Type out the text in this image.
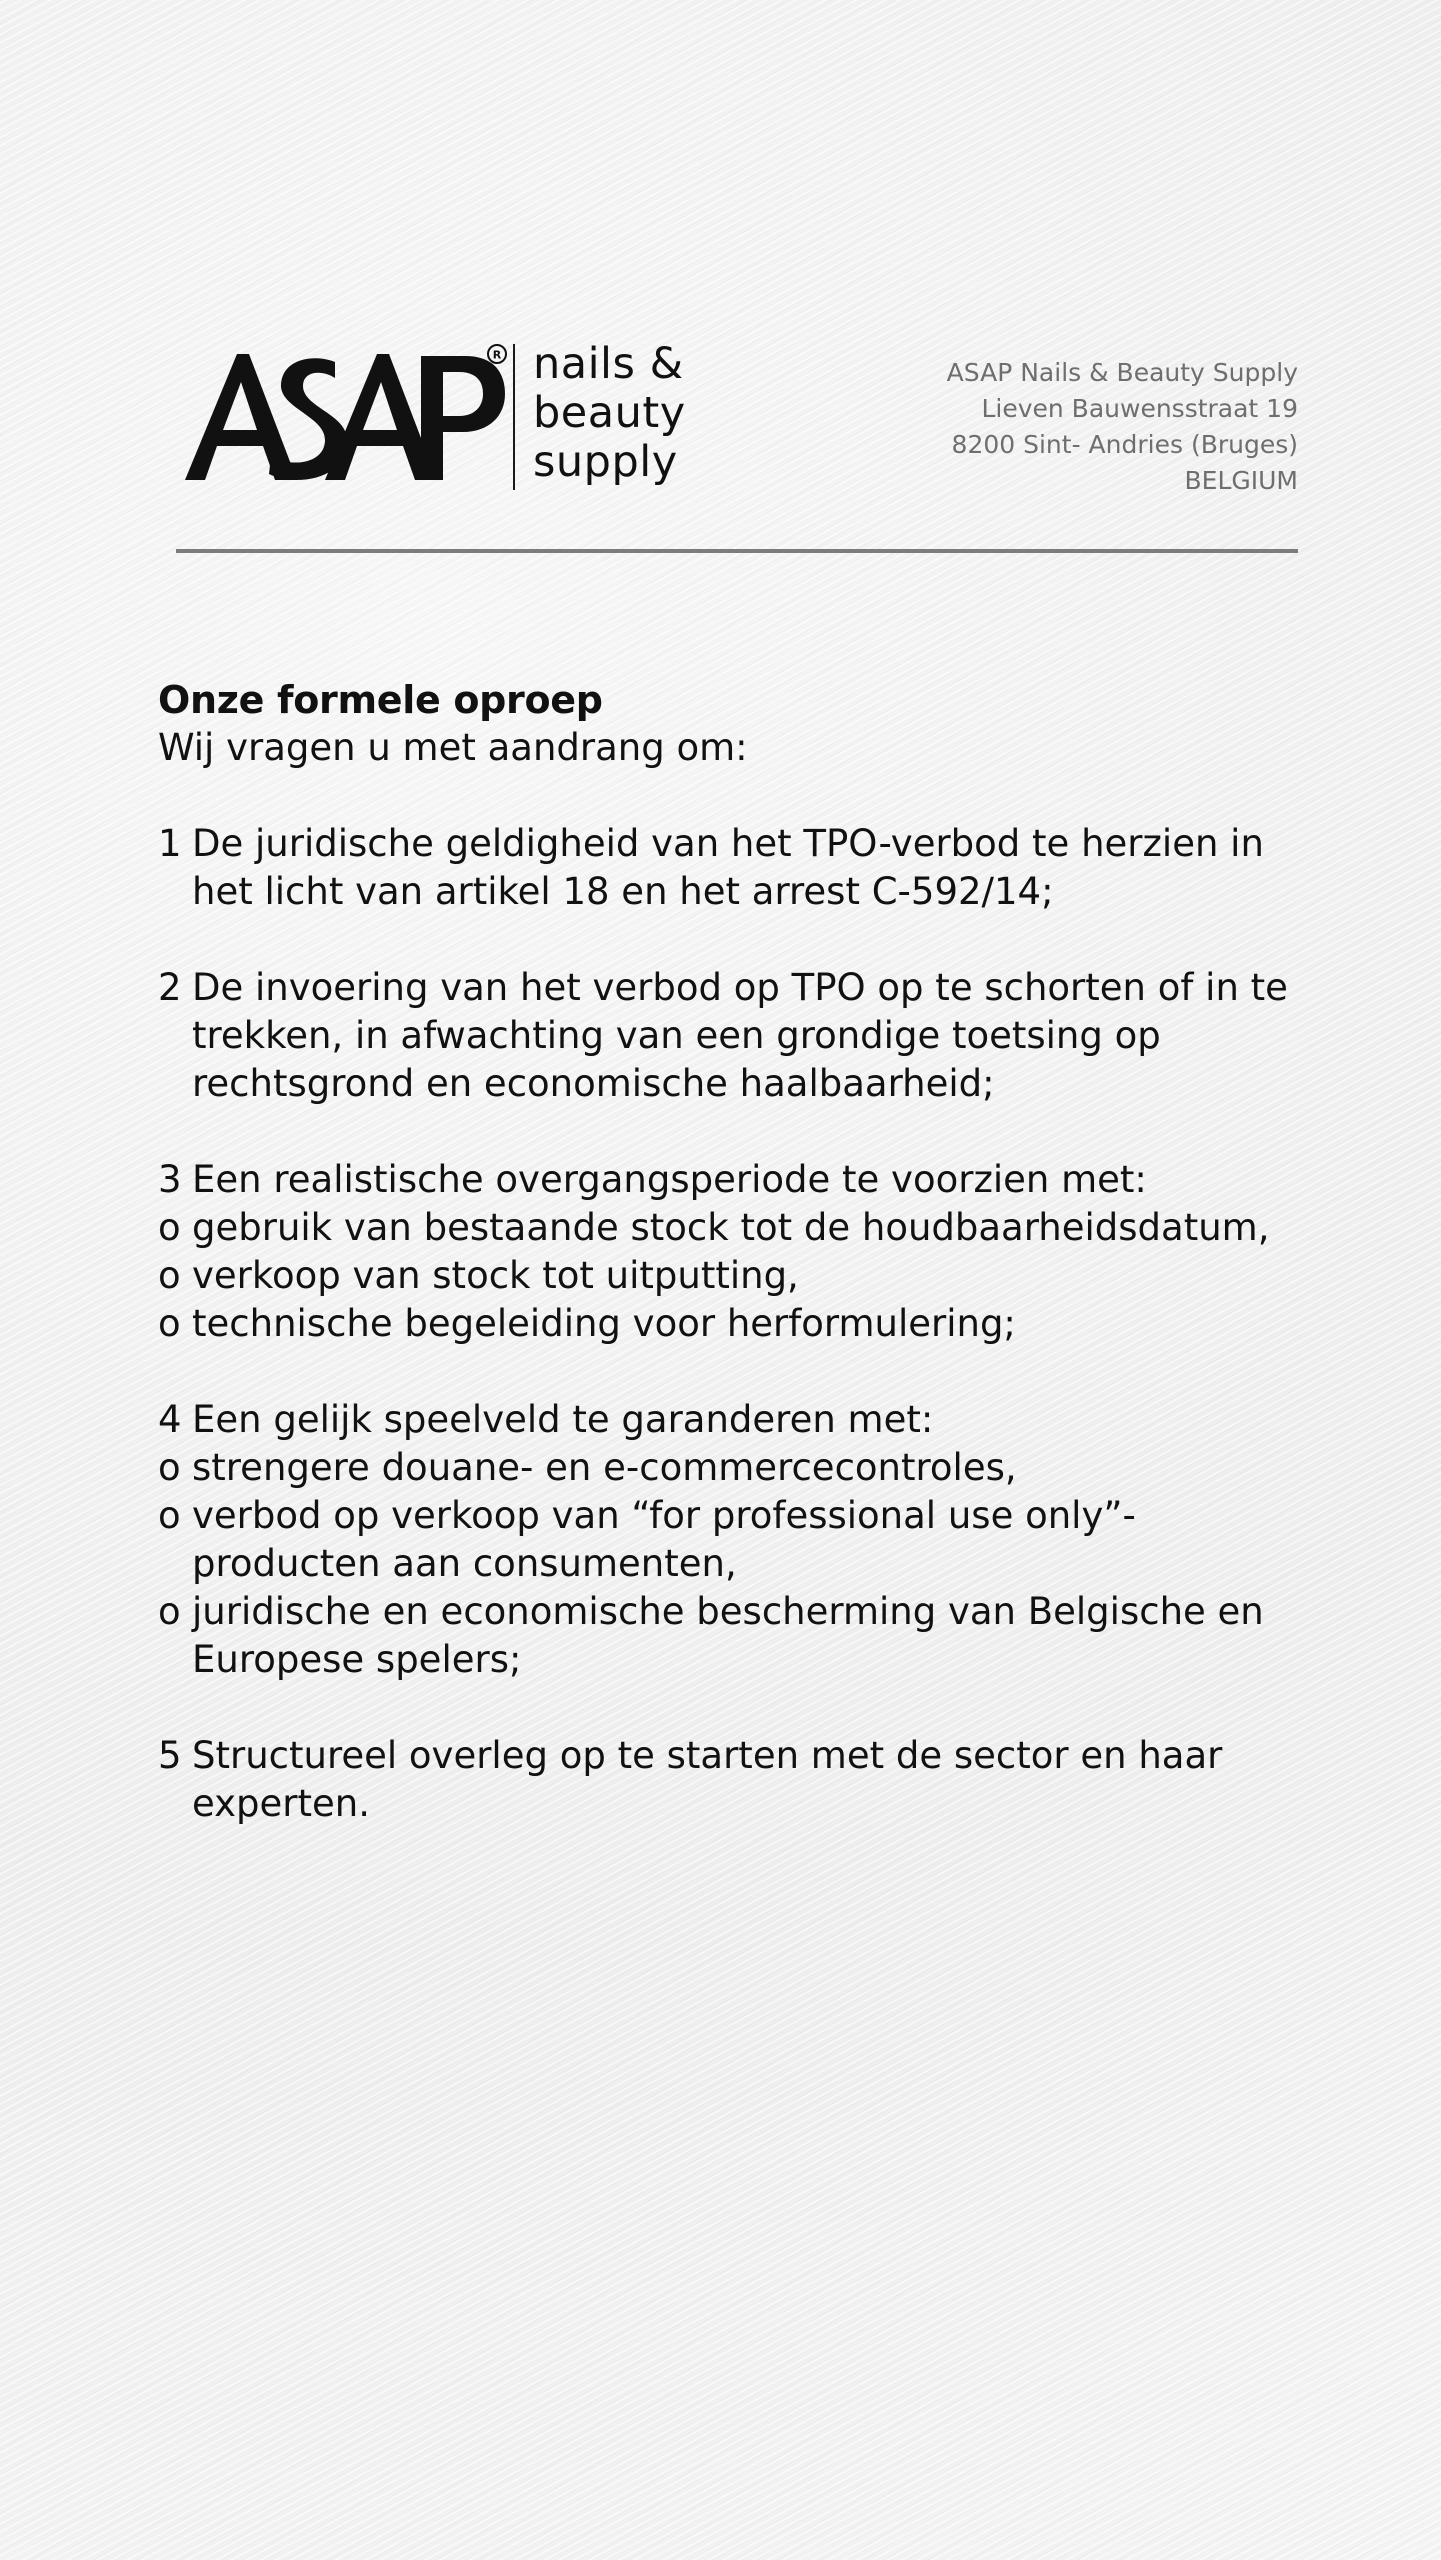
R nails &
beauty
supply
ASAP Nails & Beauty Supply
Lieven Bauwensstraat 19
8200 Sint- Andries (Bruges)
BELGIUM

Onze formele oproep

Wij vragen u met aandrang om:

1 De juridische geldigheid van het TPO-verbod te herzien in het licht van artikel 18 en het arrest C-592/14;
2 De invoering van het verbod op TPO op te schorten of in te trekken, in afwachting van een grondige toetsing op rechtsgrond en economische haalbaarheid;
3 Een realistische overgangsperiode te voorzien met:
o gebruik van bestaande stock tot de houdbaarheidsdatum,
o verkoop van stock tot uitputting,
o technische begeleiding voor herformulering;
4 Een gelijk speelveld te garanderen met:
o strengere douane- en e-commercecontroles,
o verbod op verkoop van “for professional use only”-producten aan consumenten,
o juridische en economische bescherming van Belgische en Europese spelers;
5 Structureel overleg op te starten met de sector en haar experten.
